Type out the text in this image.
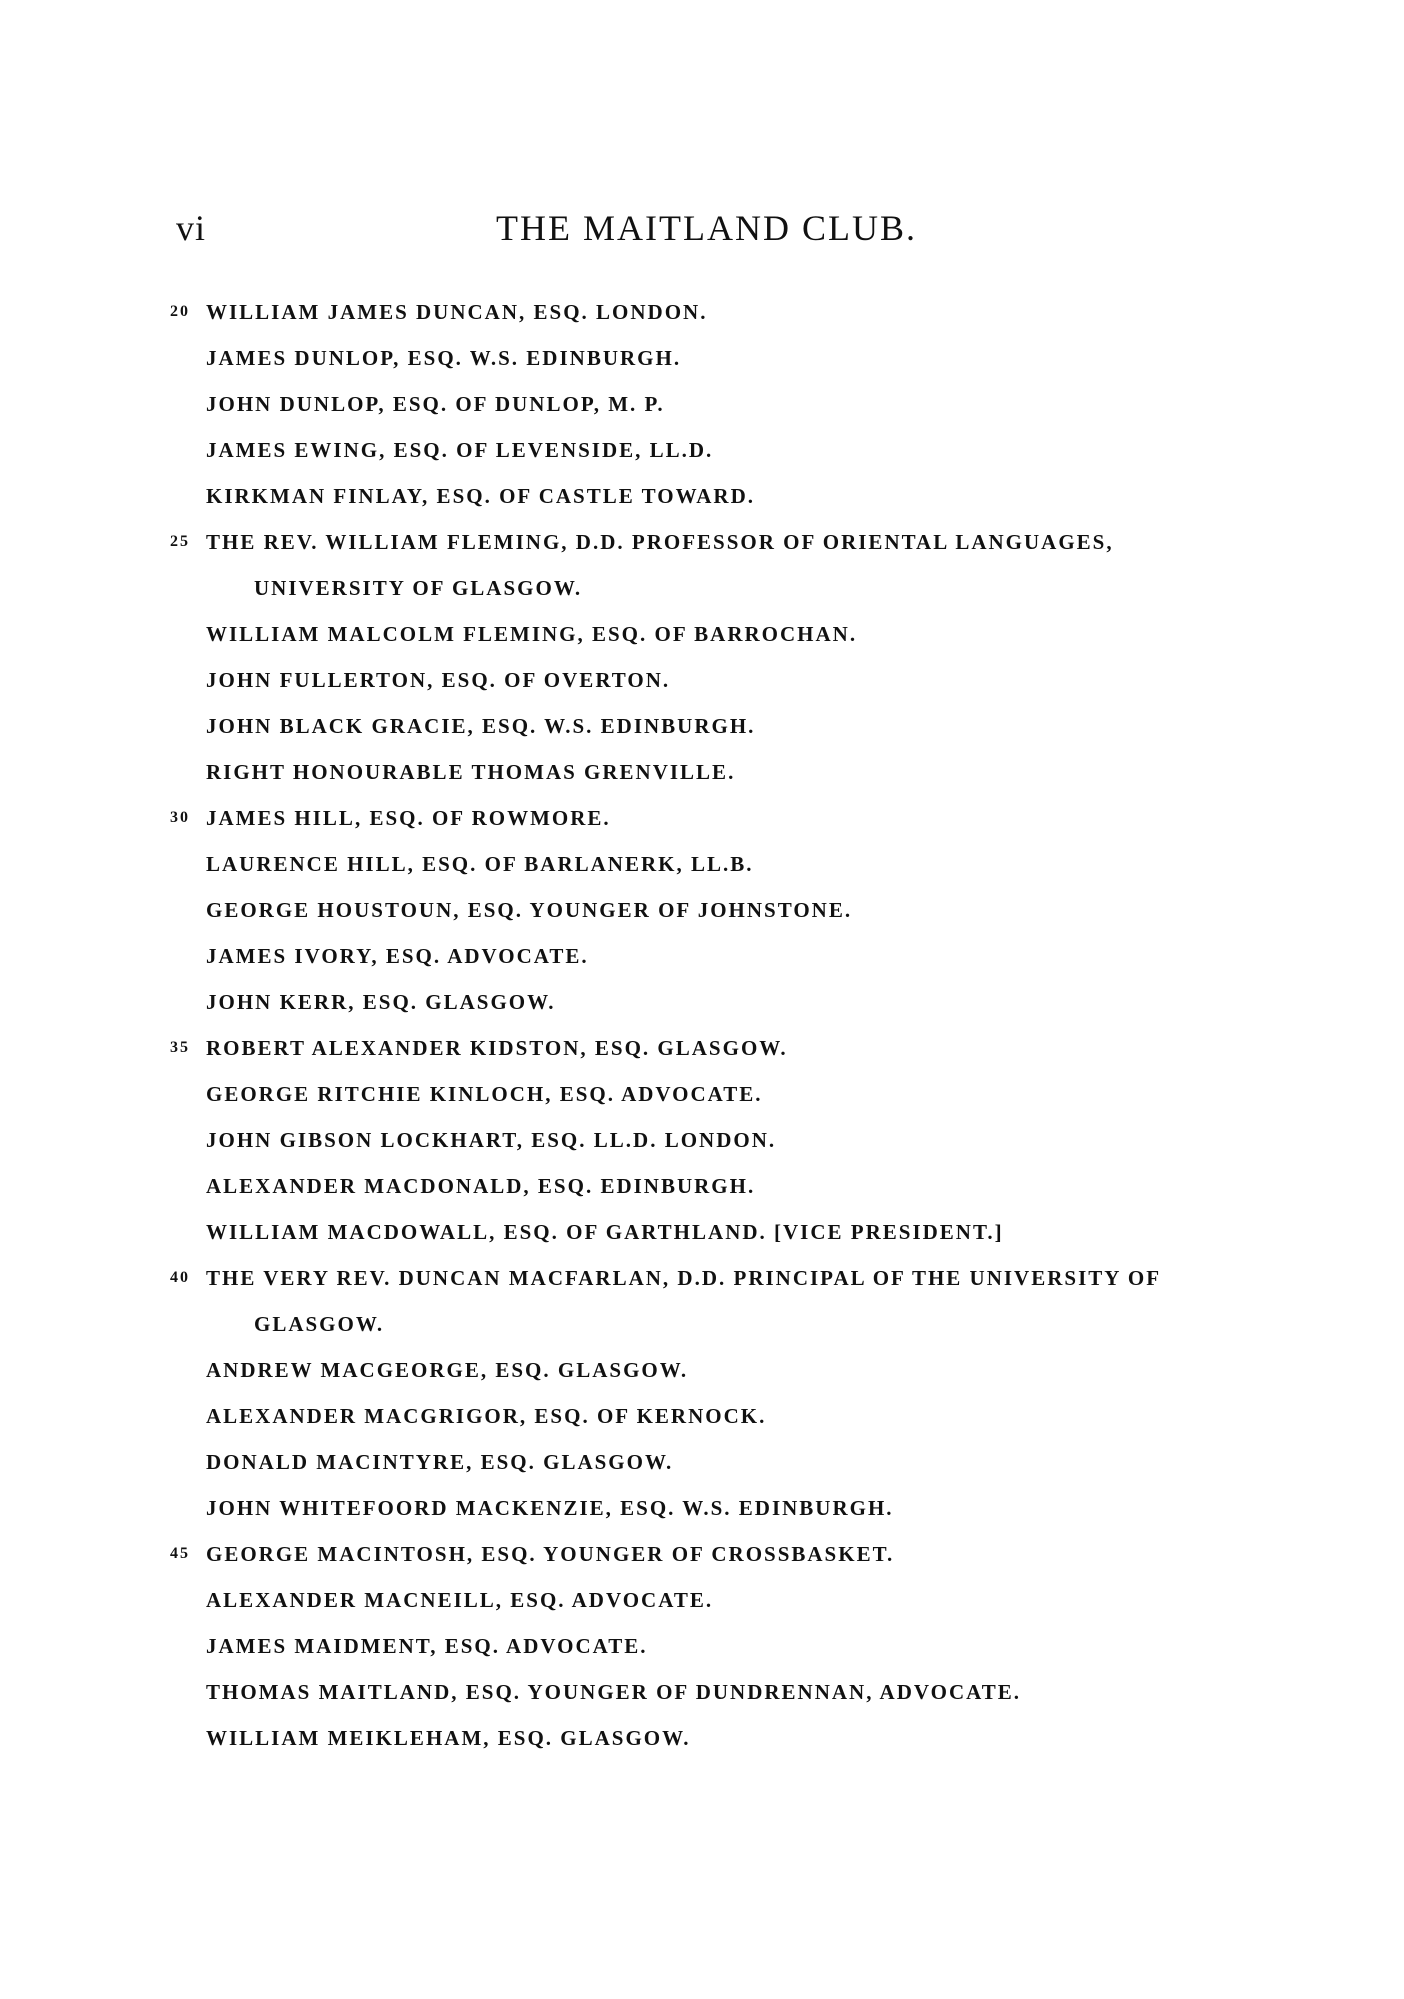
vi	THE MAITLAND CLUB.
20 WILLIAM JAMES DUNCAN, ESQ. LONDON.
JAMES DUNLOP, ESQ. W.S. EDINBURGH.
JOHN DUNLOP, ESQ. OF DUNLOP, M. P.
JAMES EWING, ESQ. OF LEVENSIDE, LL.D.
KIRKMAN FINLAY, ESQ. OF CASTLE TOWARD.
25 THE REV. WILLIAM FLEMING, D.D. PROFESSOR OF ORIENTAL LANGUAGES,
UNIVERSITY OF GLASGOW.
WILLIAM MALCOLM FLEMING, ESQ. OF BARROCHAN.
JOHN FULLERTON, ESQ. OF OVERTON.
JOHN BLACK GRACIE, ESQ. W.S. EDINBURGH.
RIGHT HONOURABLE THOMAS GRENVILLE.
30 JAMES HILL, ESQ. OF ROWMORE.
LAURENCE HILL, ESQ. OF BARLANERK, LL.B.
GEORGE HOUSTOUN, ESQ. YOUNGER OF JOHNSTONE.
JAMES IVORY, ESQ. ADVOCATE.
JOHN KERR, ESQ. GLASGOW.
35 ROBERT ALEXANDER KIDSTON, ESQ. GLASGOW.
GEORGE RITCHIE KINLOCH, ESQ. ADVOCATE.
JOHN GIBSON LOCKHART, ESQ. LL.D. LONDON.
ALEXANDER MACDONALD, ESQ. EDINBURGH.
WILLIAM MACDOWALL, ESQ. OF GARTHLAND. [VICE PRESIDENT.]
40 THE VERY REV. DUNCAN MACFARLAN, D.D. PRINCIPAL OF THE UNIVERSITY OF
GLASGOW.
ANDREW MACGEORGE, ESQ. GLASGOW.
ALEXANDER MACGRIGOR, ESQ. OF KERNOCK.
DONALD MACINTYRE, ESQ. GLASGOW.
JOHN WHITEFOORD MACKENZIE, ESQ. W.S. EDINBURGH.
45 GEORGE MACINTOSH, ESQ. YOUNGER OF CROSSBASKET.
ALEXANDER MACNEILL, ESQ. ADVOCATE.
JAMES MAIDMENT, ESQ. ADVOCATE.
THOMAS MAITLAND, ESQ. YOUNGER OF DUNDRENNAN, ADVOCATE.
WILLIAM MEIKLEHAM, ESQ. GLASGOW.
